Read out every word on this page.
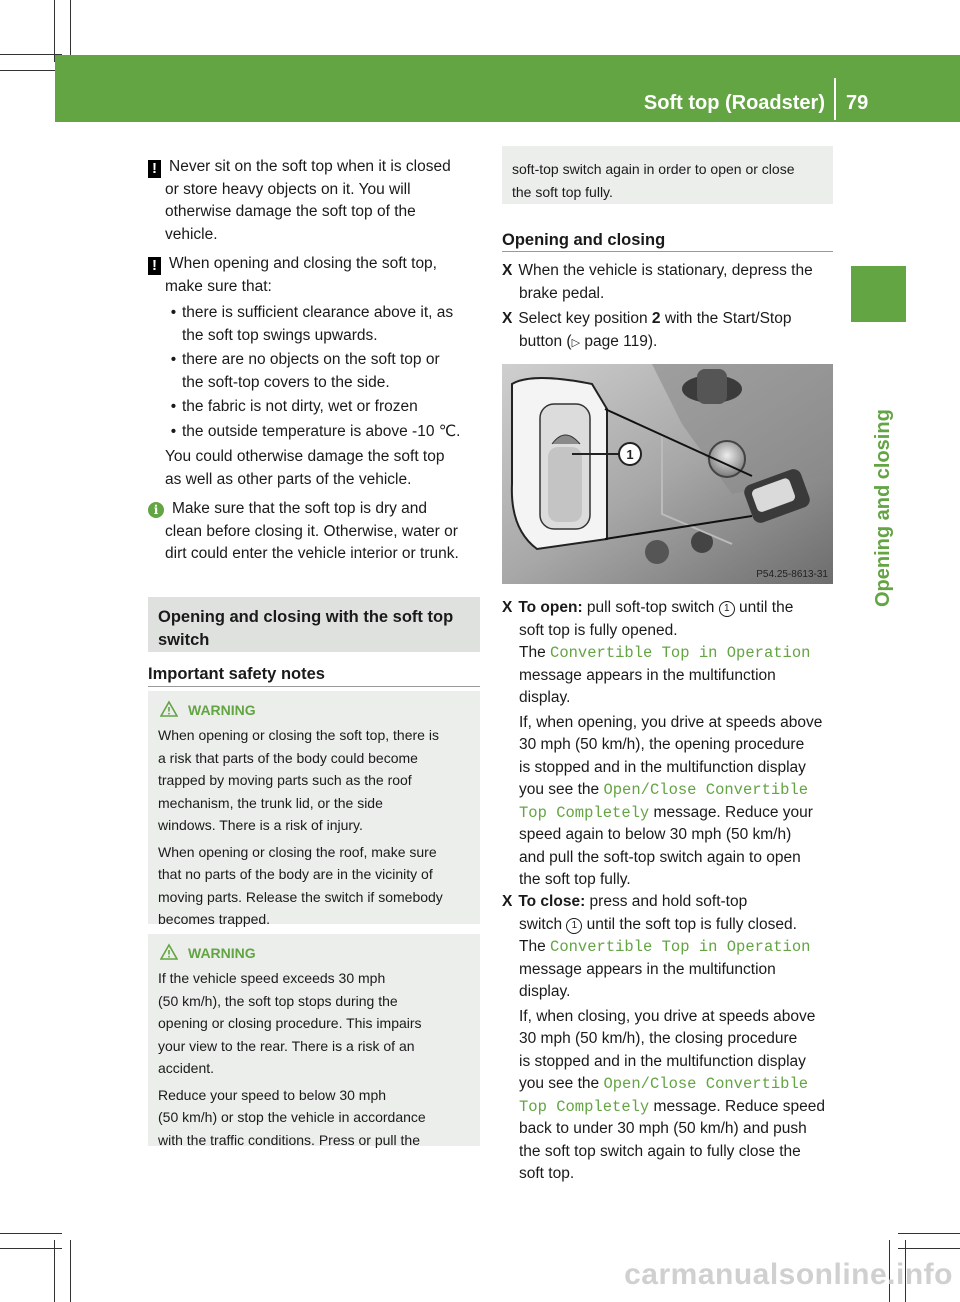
Soft top (Roadster) 79
Opening and closing
! Never sit on the soft top when it is closed
or store heavy objects on it. You will
otherwise damage the soft top of the
vehicle.
! When opening and closing the soft top,
make sure that:
• there is sufficient clearance above it, as
the soft top swings upwards.
• there are no objects on the soft top or
the soft-top covers to the side.
• the fabric is not dirty, wet or frozen
• the outside temperature is above -10 ℃.
You could otherwise damage the soft top
as well as other parts of the vehicle.
i Make sure that the soft top is dry and
clean before closing it. Otherwise, water or
dirt could enter the vehicle interior or trunk.
Opening and closing with the soft top
switch
Important safety notes
WARNING
When opening or closing the soft top, there is
a risk that parts of the body could become
trapped by moving parts such as the roof
mechanism, the trunk lid, or the side
windows. There is a risk of injury.
When opening or closing the roof, make sure
that no parts of the body are in the vicinity of
moving parts. Release the switch if somebody
becomes trapped.
WARNING
If the vehicle speed exceeds 30 mph
(50 km/h), the soft top stops during the
opening or closing procedure. This impairs
your view to the rear. There is a risk of an
accident.
Reduce your speed to below 30 mph
(50 km/h) or stop the vehicle in accordance
with the traffic conditions. Press or pull the
soft-top switch again in order to open or close
the soft top fully.
Opening and closing
X When the vehicle is stationary, depress the
brake pedal.
X Select key position 2 with the Start/Stop
button (▷ page 119).
1
P54.25-8613-31
X To open: pull soft-top switch 1 until the
soft top is fully opened.
The Convertible Top in Operation
message appears in the multifunction
display.
If, when opening, you drive at speeds above
30 mph (50 km/h), the opening procedure
is stopped and in the multifunction display
you see the Open/Close Convertible
Top Completely message. Reduce your
speed again to below 30 mph (50 km/h)
and pull the soft-top switch again to open
the soft top fully.
X To close: press and hold soft-top
switch 1 until the soft top is fully closed.
The Convertible Top in Operation
message appears in the multifunction
display.
If, when closing, you drive at speeds above
30 mph (50 km/h), the closing procedure
is stopped and in the multifunction display
you see the Open/Close Convertible
Top Completely message. Reduce speed
back to under 30 mph (50 km/h) and push
the soft top switch again to fully close the
soft top.
carmanualsonline.info
